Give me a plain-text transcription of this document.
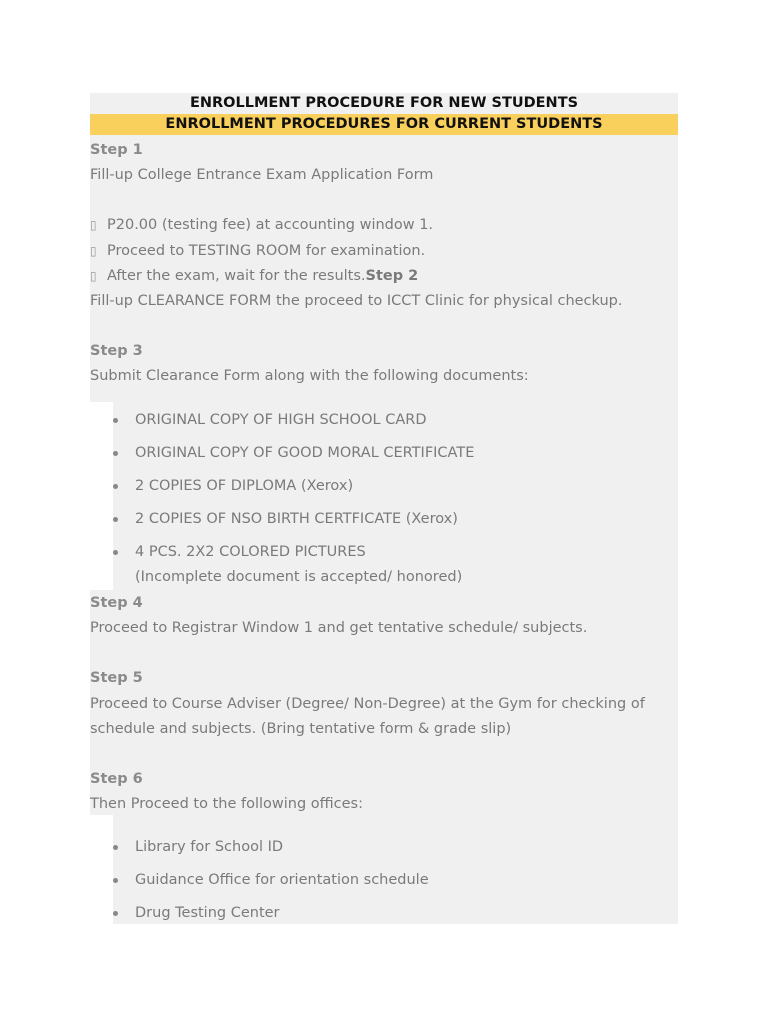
ENROLLMENT PROCEDURE FOR NEW STUDENTS
ENROLLMENT PROCEDURES FOR CURRENT STUDENTS
Step 1
Fill-up College Entrance Exam Application Form
▯ P20.00 (testing fee) at accounting window 1.
▯ Proceed to TESTING ROOM for examination.
▯ After the exam, wait for the results.Step 2
Fill-up CLEARANCE FORM the proceed to ICCT Clinic for physical checkup.
Step 3
Submit Clearance Form along with the following documents:
ORIGINAL COPY OF HIGH SCHOOL CARD
ORIGINAL COPY OF GOOD MORAL CERTIFICATE
2 COPIES OF DIPLOMA (Xerox)
2 COPIES OF NSO BIRTH CERTFICATE (Xerox)
4 PCS. 2X2 COLORED PICTURES
(Incomplete document is accepted/ honored)
Step 4
Proceed to Registrar Window 1 and get tentative schedule/ subjects.
Step 5
Proceed to Course Adviser (Degree/ Non-Degree) at the Gym for checking of
schedule and subjects. (Bring tentative form & grade slip)
Step 6
Then Proceed to the following offices:
Library for School ID
Guidance Office for orientation schedule
Drug Testing Center
